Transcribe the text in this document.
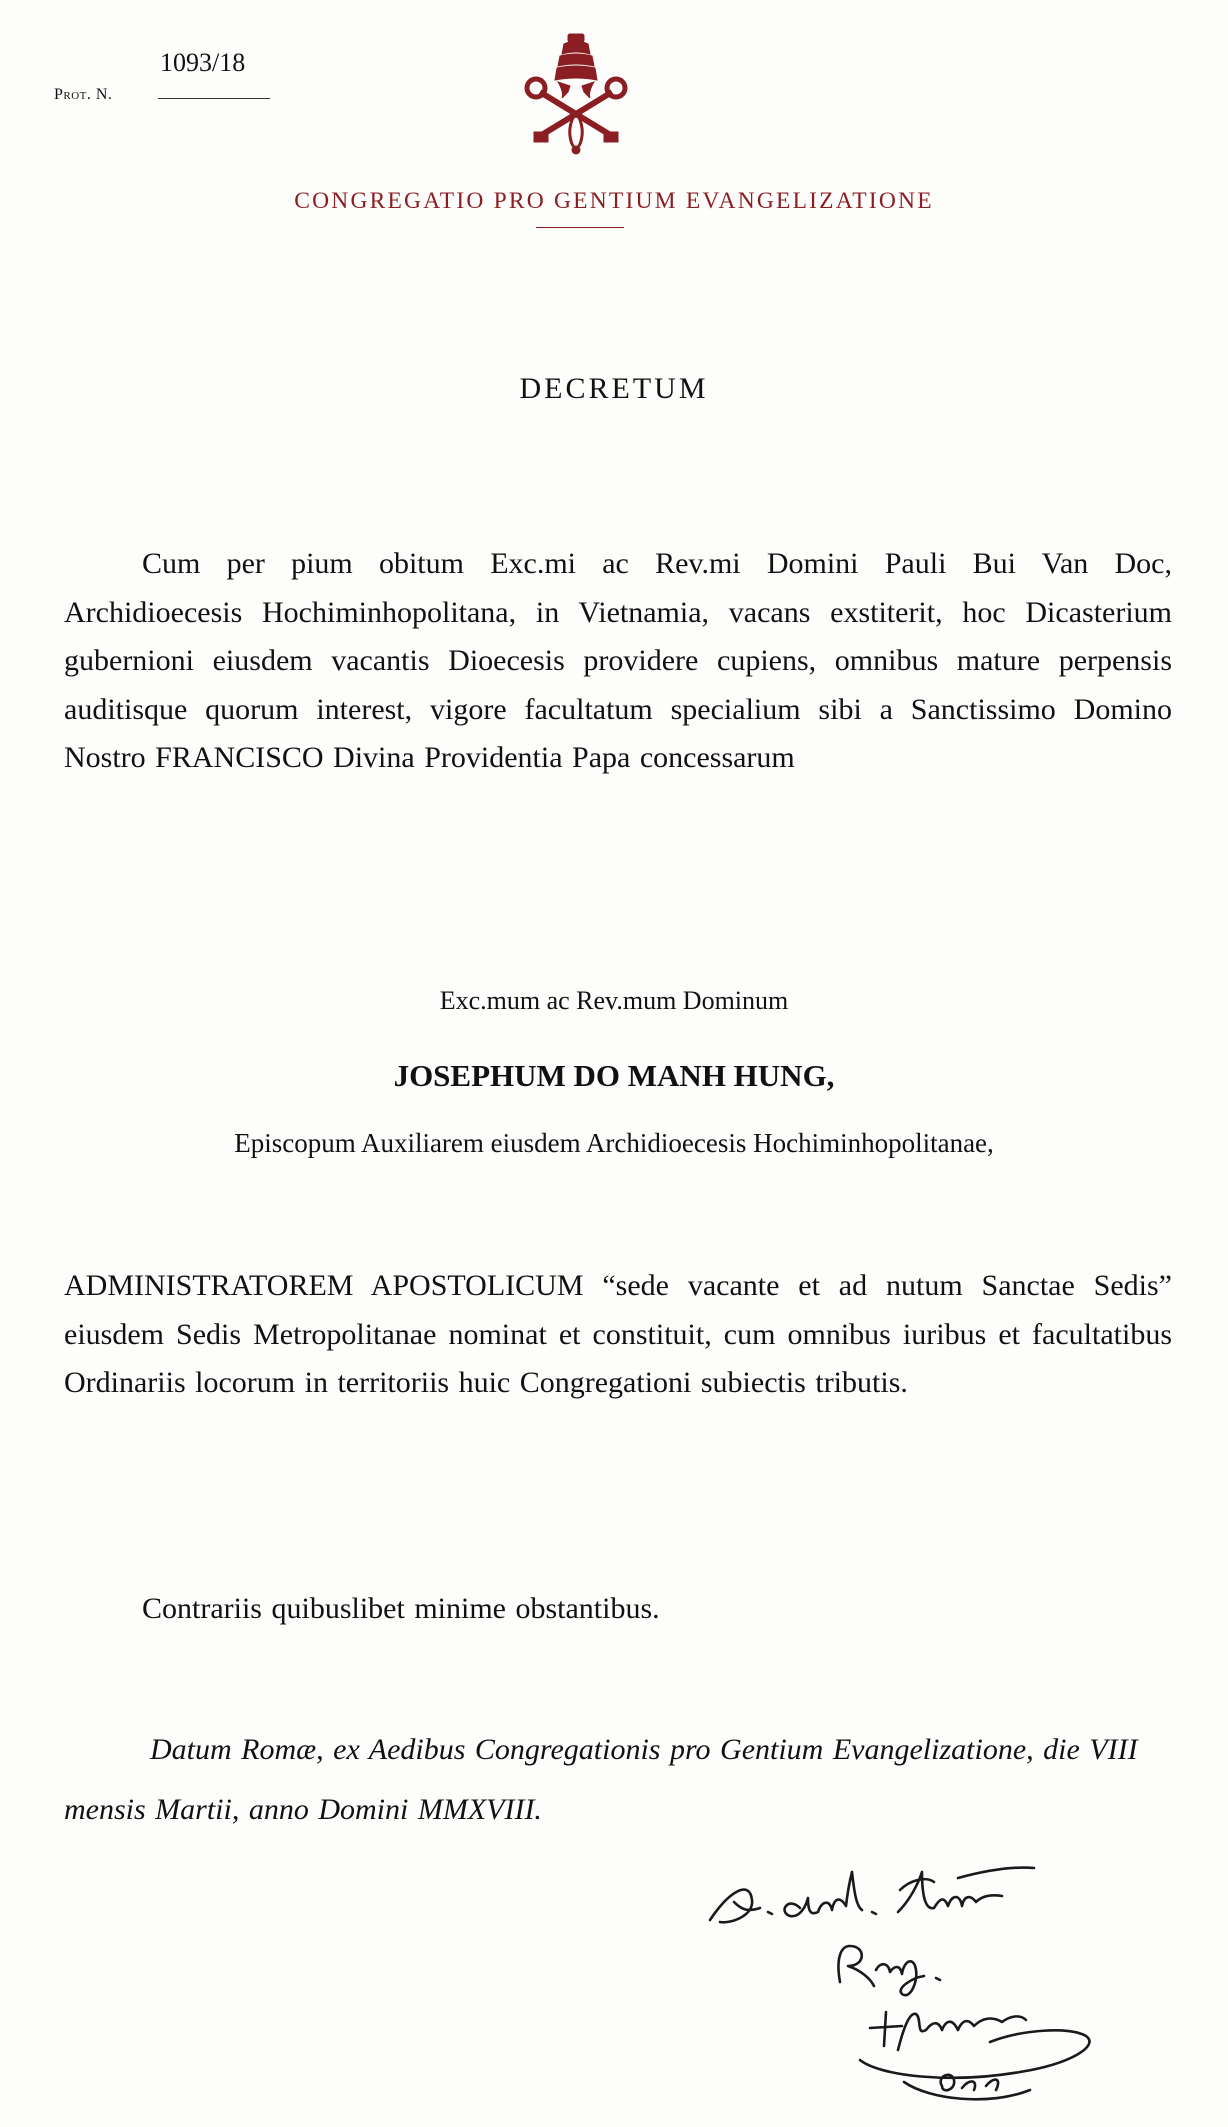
Prot. N.
1093/18
CONGREGATIO PRO GENTIUM EVANGELIZATIONE
DECRETUM
Cum per pium obitum Exc.mi ac Rev.mi Domini Pauli Bui Van Doc, Archidioecesis Hochiminhopolitana, in Vietnamia, vacans exstiterit, hoc Dicasterium gubernioni eiusdem vacantis Dioecesis providere cupiens, omnibus mature perpensis auditisque quorum interest, vigore facultatum specialium sibi a Sanctissimo Domino Nostro FRANCISCO Divina Providentia Papa concessarum
Exc.mum ac Rev.mum Dominum
JOSEPHUM DO MANH HUNG,
Episcopum Auxiliarem eiusdem Archidioecesis Hochiminhopolitanae,
ADMINISTRATOREM APOSTOLICUM “sede vacante et ad nutum Sanctae Sedis” eiusdem Sedis Metropolitanae nominat et constituit, cum omnibus iuribus et facultatibus Ordinariis locorum in territoriis huic Congregationi subiectis tributis.
Contrariis quibuslibet minime obstantibus.
Datum Romæ, ex Aedibus Congregationis pro Gentium Evangelizatione, die VIII mensis Martii, anno Domini MMXVIII.
